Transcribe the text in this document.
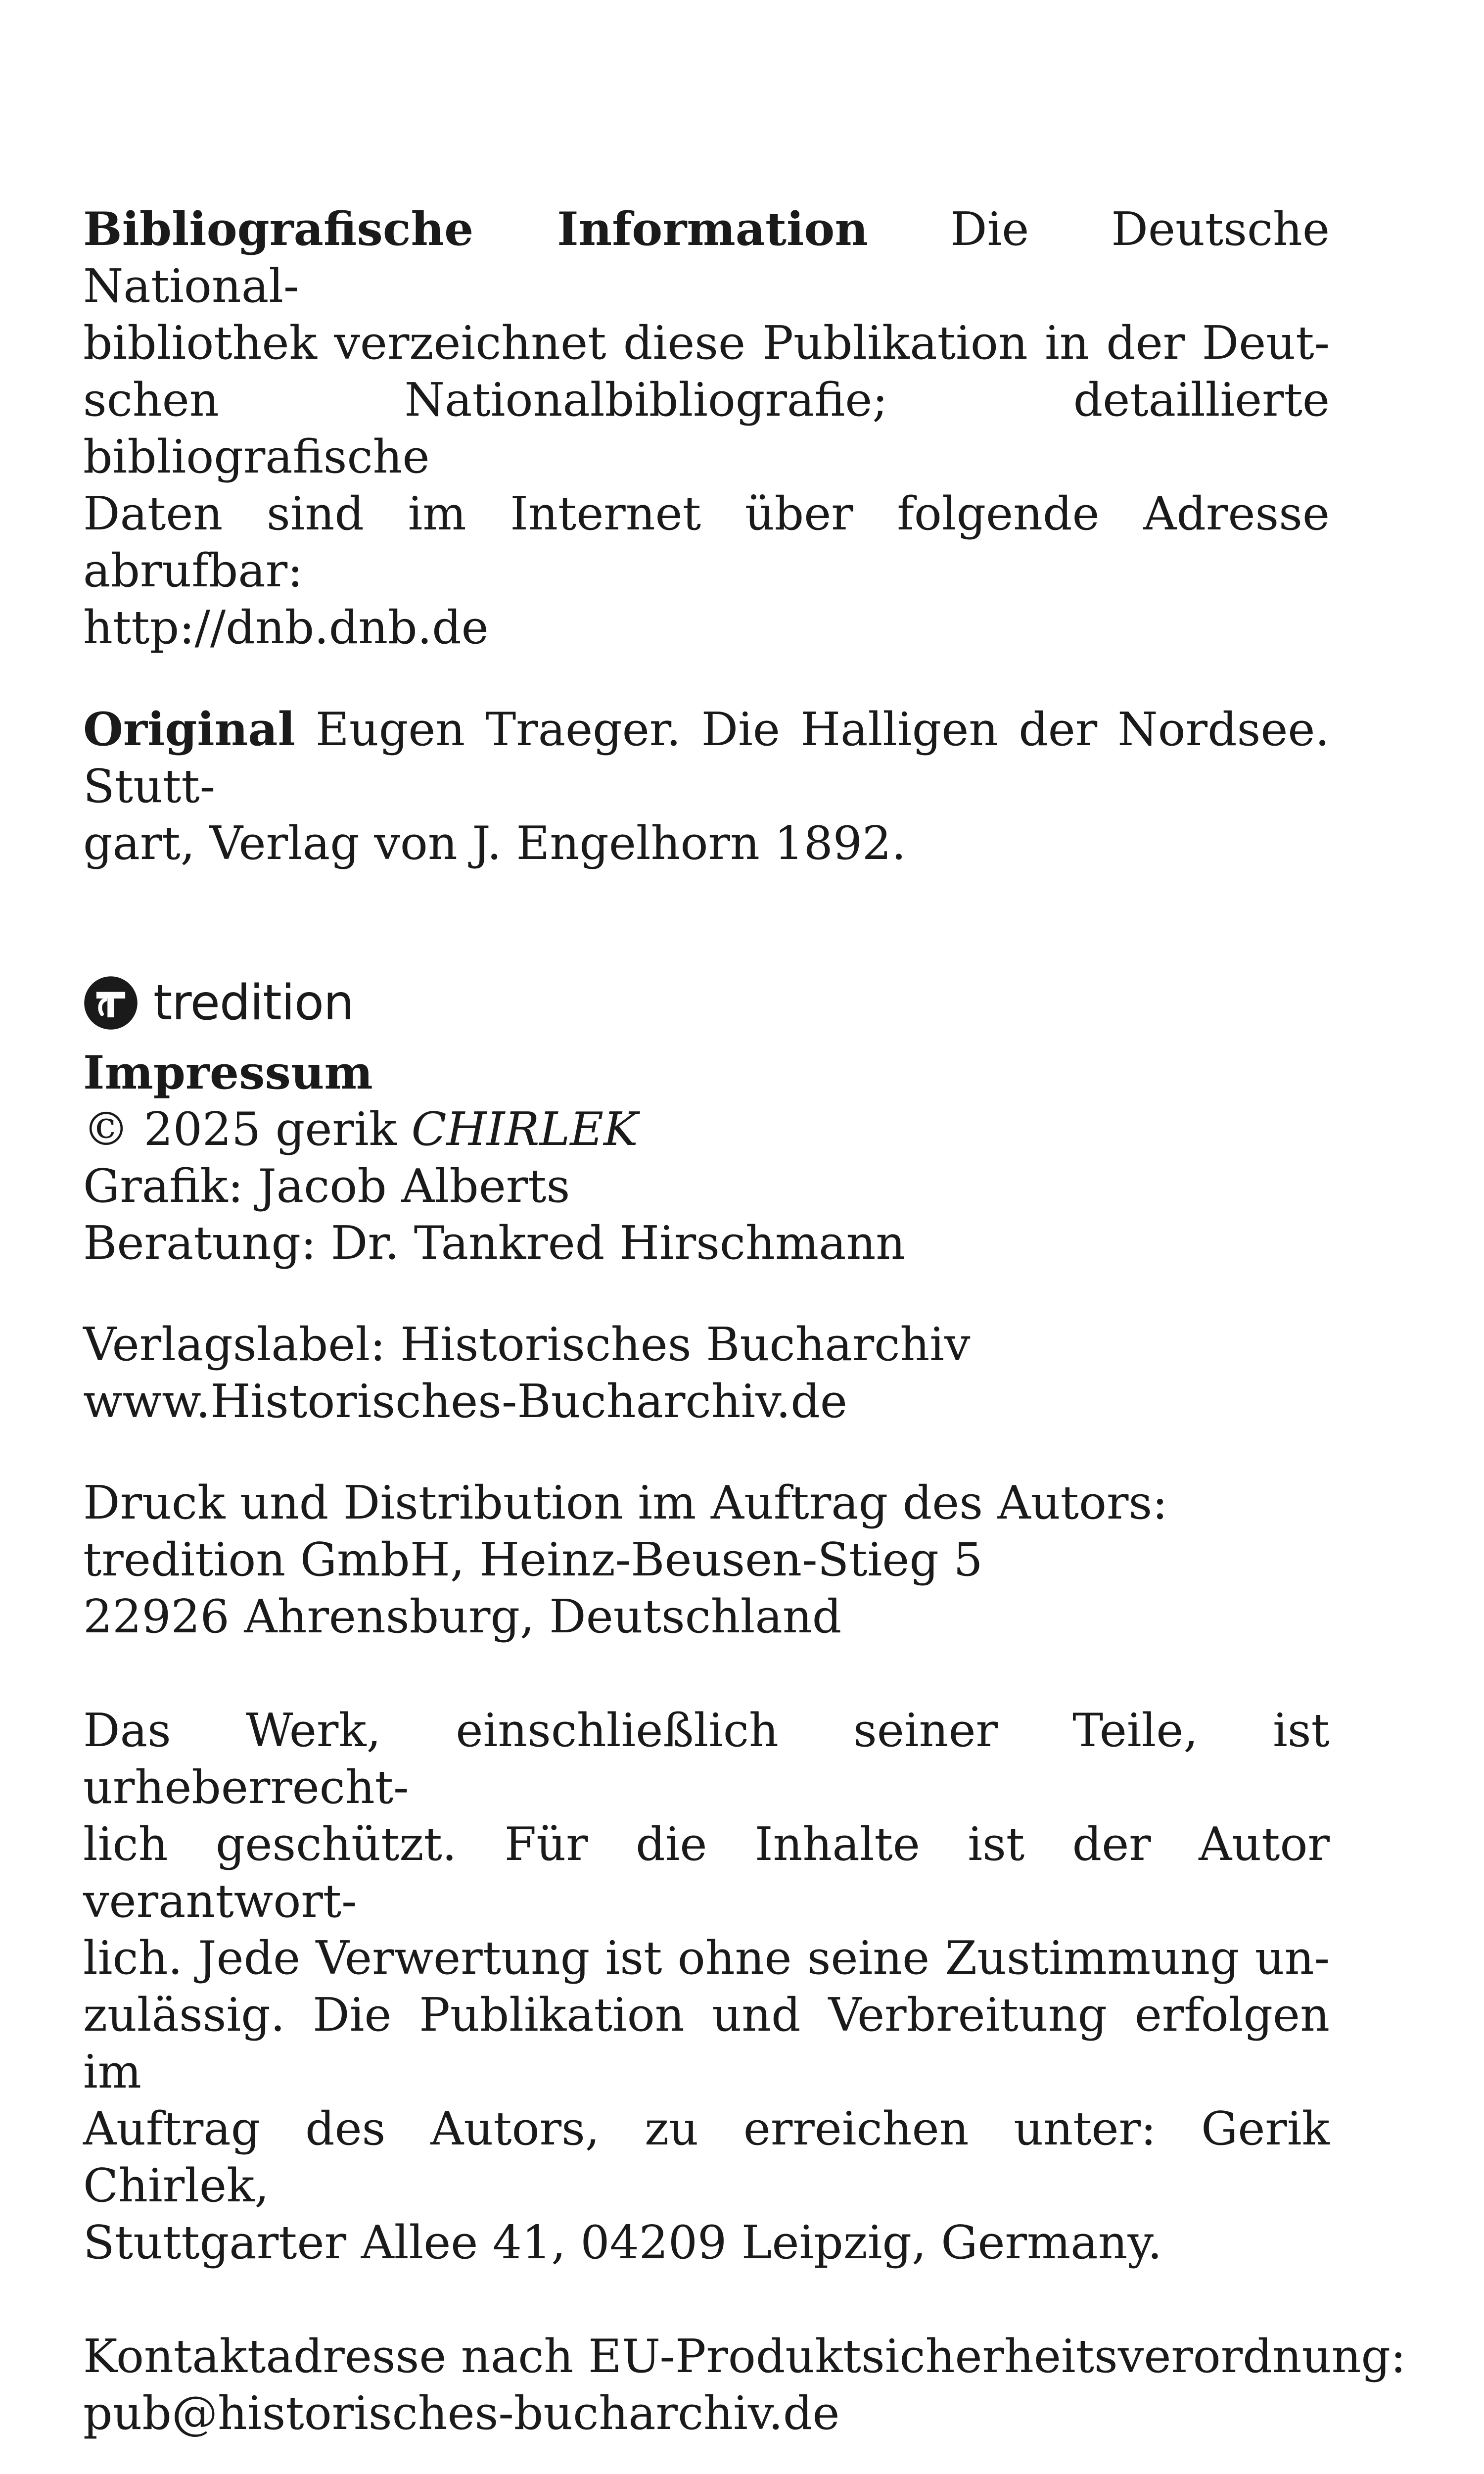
Bibliografische Information Die Deutsche National-
bibliothek verzeichnet diese Publikation in der Deut-
schen Nationalbibliografie; detaillierte bibliografische
Daten sind im Internet über folgende Adresse abrufbar:
http://dnb.dnb.de

Original Eugen Traeger. Die Halligen der Nordsee. Stutt-
gart, Verlag von J. Engelhorn 1892.

tredition

Impressum
© 2025 gerik CHIRLEK
Grafik: Jacob Alberts
Beratung: Dr. Tankred Hirschmann

Verlagslabel: Historisches Bucharchiv
www.Historisches-Bucharchiv.de

Druck und Distribution im Auftrag des Autors:
tredition GmbH, Heinz-Beusen-Stieg 5
22926 Ahrensburg, Deutschland

Das Werk, einschließlich seiner Teile, ist urheberrecht-
lich geschützt. Für die Inhalte ist der Autor verantwort-
lich. Jede Verwertung ist ohne seine Zustimmung un-
zulässig. Die Publikation und Verbreitung erfolgen im
Auftrag des Autors, zu erreichen unter: Gerik Chirlek,
Stuttgarter Allee 41, 04209 Leipzig, Germany.

Kontaktadresse nach EU-Produktsicherheitsverordnung:
pub@historisches-bucharchiv.de
